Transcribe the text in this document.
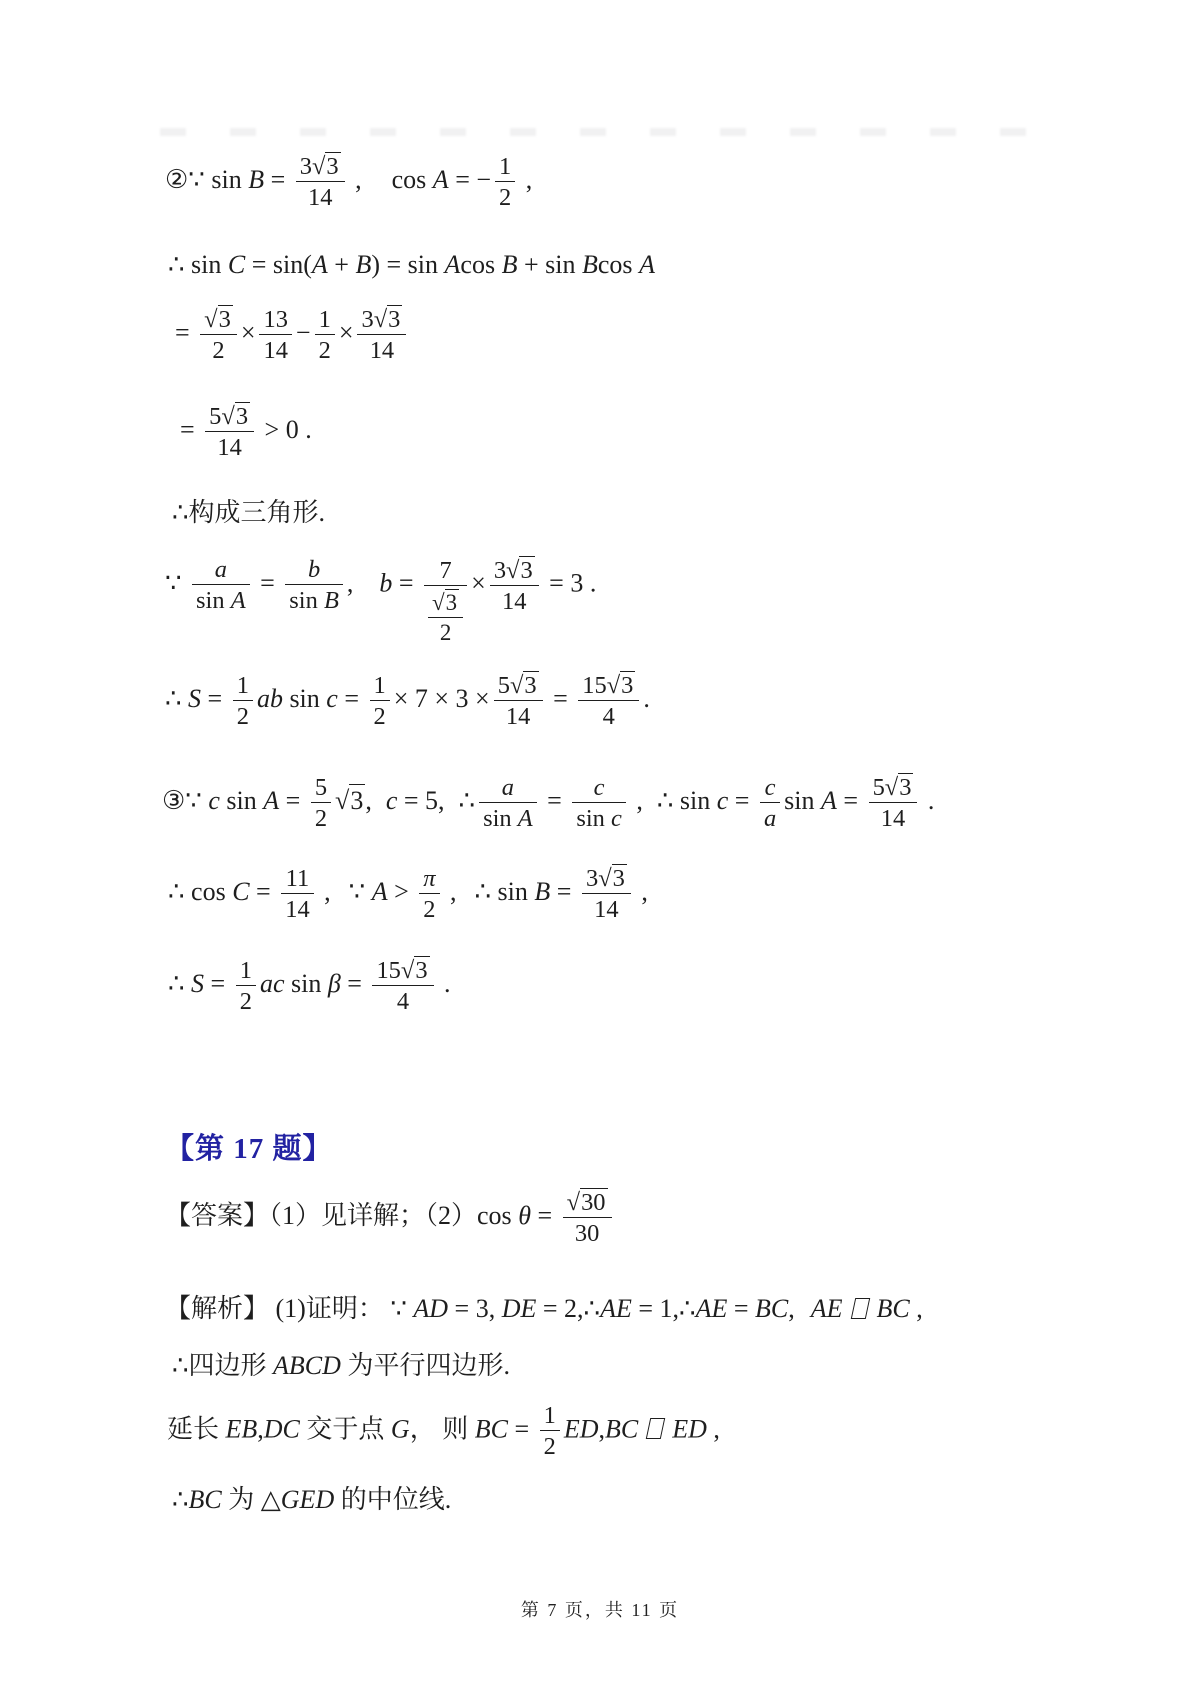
②∵ $\sin B = \frac{3√3}{14}$ , cos A = − $\frac{1}{2}$ ,
∴ sin C = sin(A + B) = sin Acos B + sin Bcos A
= $\frac{√3}{2} \times \frac{13}{14} - \frac{1}{2} \times \frac{3√3}{14}$
= $\frac{5√3}{14} > 0$ .
∴构成三角形.
∵ $\frac{a}{\text{sin A}} = \frac{b}{\text{sin B}}$ , $b = \frac{7}{\frac{√3}{2}} \times \frac{3√3}{14} = 3$ .
∴ $S = \frac{1}{2}$ ab $\sin c = \frac{1}{2} \times 7 \times 3 \times \frac{5√3}{14} = \frac{15√3}{4}$ .
③∵ c $\sin A = \frac{5}{2} √3$, c = 5, ∴ $\frac{a}{\text{sin A}} = \frac{c}{\text{sin c}}$ , ∴ $\sin c = \frac{c}{a}$ $\sin A = \frac{5√3}{14}$ .
∴ $\cos C = \frac{11}{14}$ , ∵ $A > \frac{\pi}{2}$ , ∴ $\sin B = \frac{3√3}{14}$ ,
∴ $S = \frac{1}{2}$ ac $\sin \beta = \frac{15√3}{4}$ .
【第 17 题】
【答案】（1）见详解；（2）cos $\theta = \frac{√30}{30}$
【解析】 (1)证明： ∵ AD = 3, DE = 2,∴AE = 1,∴AE = BC, AE BC ,
∴四边形 ABCD 为平行四边形.
延长 EB,DC 交于点 G， 则 BC = $\frac{1}{2} ED,BC$ ED ,
∴BC 为 △GED 的中位线.
第 7 页，共 11 页
